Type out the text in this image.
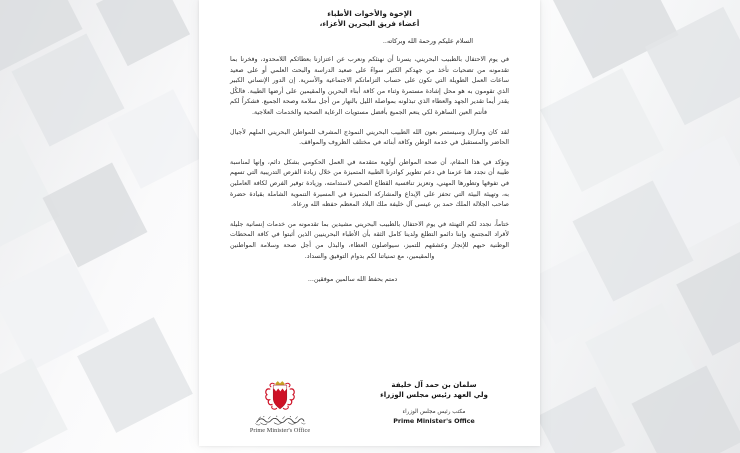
الإخوة والأخوات الأطباء
أعضاء فريق البحرين الأعزاء،
السلام عليكم ورحمة الله وبركاته..

في يوم الاحتفال بالطبيب البحريني، يسرنا أن نهنئكم ونعرب عن اعتزازنا بعطائكم اللامحدود، وفخرنا بما تقدمونه من تضحيات تأخذ من جهدكم الكثير سواءً على صعيد الدراسة والبحث العلمي أو على صعيد ساعات العمل الطويلة التي تكون على حساب التزاماتكم الاجتماعية والأسرية. إن الدور الإنساني الكبير الذي تقومون به هو محل إشادة مستمرة وثناء من كافة أبناء البحرين والمقيمين على أرضها الطيبة. فالكُل يقدر أيما تقدير الجهد والعطاء الذي تبذلونه بمواصلة الليل بالنهار من أجل سلامة وصحة الجميع. فشكراً لكم فأنتم العين الساهرة لكي ينعم الجميع بأفضل مستويات الرعاية الصحية والخدمات العلاجية.

لقد كان ومازال وسيستمر بعون الله الطبيب البحريني النموذج المشرف للمواطن البحريني الملهم لأجيال الحاضر والمستقبل في خدمة الوطن وكافة أبنائه في مختلف الظروف والمواقف.

ونؤكد في هذا المقام، أن صحة المواطن أولوية متقدمة في العمل الحكومي بشكل دائم، وإنها لمناسبة طيبة أن نجدد هنا عزمنا في دعم تطوير كوادرنا الطبية المتميزة من خلال زيادة الفرص التدريبية التي تسهم في تفوقها وتطورها المهني، وتعزيز تنافسية القطاع الصحي لاستدامته، وزيادة توفير الفرص لكافة العاملين به، وتهيئة البيئة التي تحفز على الإبداع والمشاركة المتميزة في المسيرة التنموية الشاملة بقيادة حضرة صاحب الجلالة الملك حمد بن عيسى آل خليفة ملك البلاد المعظم حفظه الله ورعاه.

ختاماً، نجدد لكم التهنئة في يوم الاحتفال بالطبيب البحريني مشيدين بما تقدمونه من خدمات إنسانية جليلة لأفراد المجتمع، وإننا دائمو التطلع ولدينا كامل الثقة بأن الأطباء البحرينيين الذين أثبتوا في كافة المحطات الوطنية حبهم للإنجاز وعشقهم للتميز، سيواصلون العطاء، والبذل من أجل صحة وسلامة المواطنين والمقيمين، مع تمنياتنا لكم بدوام التوفيق والسداد.

دمتم بحفظ الله سالمين موفقين...
سلمان بن حمد آل خليفة
ولي العهد رئيس مجلس الوزراء
مكتب رئيس مجلس الوزراء
Prime Minister's Office
Prime Minister's Office
